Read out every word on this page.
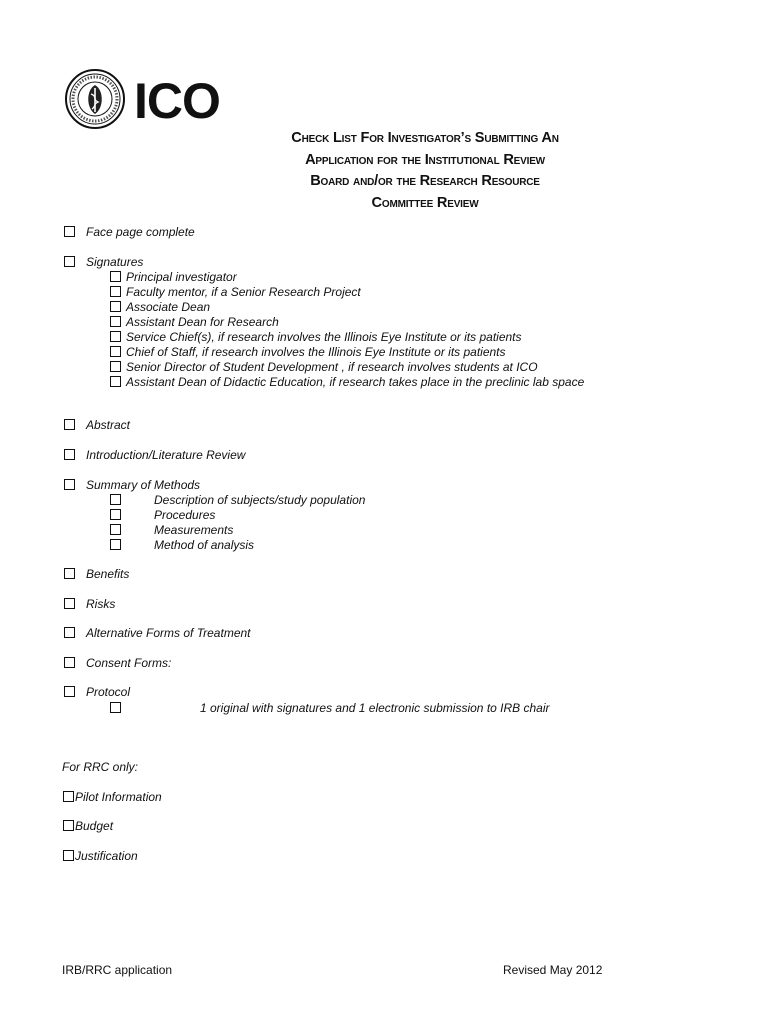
ICO
Check List For Investigator’s Submitting An
Application for the Institutional Review
Board and/or the Research Resource
Committee Review
Face page complete
Signatures
Principal investigator
Faculty mentor, if a Senior Research Project
Associate Dean
Assistant Dean for Research
Service Chief(s), if research involves the Illinois Eye Institute or its patients
Chief of Staff, if research involves the Illinois Eye Institute or its patients
Senior Director of Student Development , if research involves students at ICO
Assistant Dean of Didactic Education, if research takes place in the preclinic lab space
Abstract
Introduction/Literature Review
Summary of Methods
Description of subjects/study population
Procedures
Measurements
Method of analysis
Benefits
Risks
Alternative Forms of Treatment
Consent Forms:
Protocol
1 original with signatures and 1 electronic submission to IRB chair
For RRC only:
Pilot Information
Budget
Justification
IRB/RRC application	Revised May 2012
